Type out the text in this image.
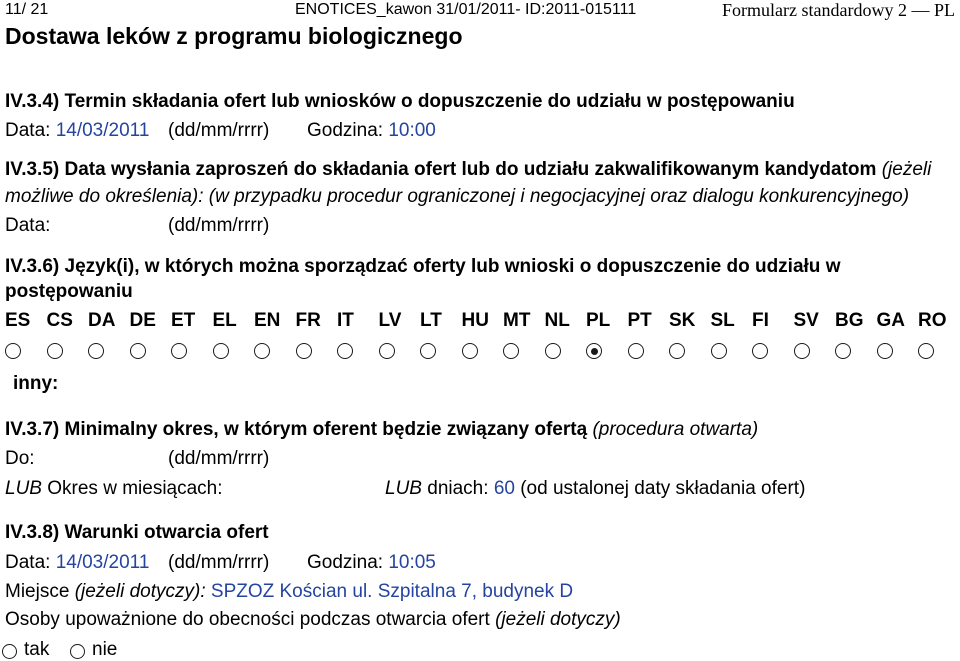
11/ 21	ENOTICES_kawon 31/01/2011- ID:2011-015111	Formularz standardowy 2 — PL
Dostawa leków z programu biologicznego
IV.3.4) Termin składania ofert lub wniosków o dopuszczenie do udziału w postępowaniu
Data: 14/03/2011 (dd/mm/rrrr) Godzina: 10:00
IV.3.5) Data wysłania zaproszeń do składania ofert lub do udziału zakwalifikowanym kandydatom (jeżeli
możliwe do określenia): (w przypadku procedur ograniczonej i negocjacyjnej oraz dialogu konkurencyjnego)
Data:	(dd/mm/rrrr)
IV.3.6) Język(i), w których można sporządzać oferty lub wnioski o dopuszczenie do udziału w
postępowaniu
ES CS DA DE ET EL EN FR IT	LV LT	HU MT NL PL PT SK SL FI	SV BG GA RO
inny:
IV.3.7) Minimalny okres, w którym oferent będzie związany ofertą (procedura otwarta)
Do:	(dd/mm/rrrr)
LUB Okres w miesiącach:	LUB dniach: 60 (od ustalonej daty składania ofert)
IV.3.8) Warunki otwarcia ofert
Data: 14/03/2011 (dd/mm/rrrr) Godzina: 10:05
Miejsce (jeżeli dotyczy): SPZOZ Kościan ul. Szpitalna 7, budynek D
Osoby upoważnione do obecności podczas otwarcia ofert (jeżeli dotyczy)
tak nie
